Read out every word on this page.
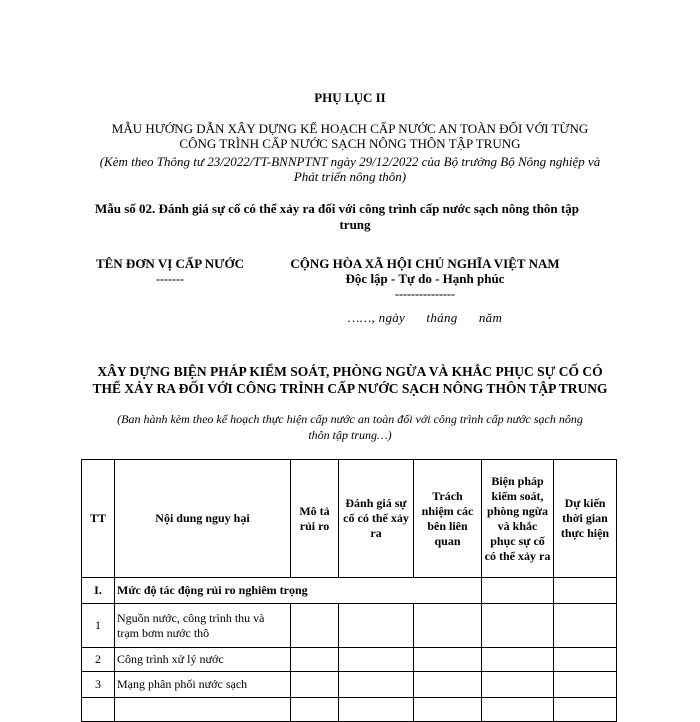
PHỤ LỤC II
MẪU HƯỚNG DẪN XÂY DỰNG KẾ HOẠCH CẤP NƯỚC AN TOÀN ĐỐI VỚI TỪNG
CÔNG TRÌNH CẤP NƯỚC SẠCH NÔNG THÔN TẬP TRUNG
(Kèm theo Thông tư 23/2022/TT-BNNPTNT ngày 29/12/2022 của Bộ trưởng Bộ Nông nghiệp và
Phát triển nông thôn)
Mẫu số 02. Đánh giá sự cố có thể xảy ra đối với công trình cấp nước sạch nông thôn tập
trung
TÊN ĐƠN VỊ CẤP NƯỚC
-------
CỘNG HÒA XÃ HỘI CHỦ NGHĨA VIỆT NAM
Độc lập - Tự do - Hạnh phúc
---------------
……, ngày      tháng      năm
XÂY DỰNG BIỆN PHÁP KIỂM SOÁT, PHÒNG NGỪA VÀ KHẮC PHỤC SỰ CỐ CÓ
THỂ XẢY RA ĐỐI VỚI CÔNG TRÌNH CẤP NƯỚC SẠCH NÔNG THÔN TẬP TRUNG
(Ban hành kèm theo kế hoạch thực hiện cấp nước an toàn đối với công trình cấp nước sạch nông
thôn tập trung…)
TT	Nội dung nguy hại	Mô tả rủi ro	Đánh giá sự cố có thể xảy ra	Trách nhiệm các bên liên quan	Biện pháp kiểm soát, phòng ngừa và khắc phục sự cố có thể xảy ra	Dự kiến thời gian thực hiện
I.	Mức độ tác động rủi ro nghiêm trọng					
1	Nguồn nước, công trình thu và trạm bơm nước thô					
2	Công trình xử lý nước					
3	Mạng phân phối nước sạch					
